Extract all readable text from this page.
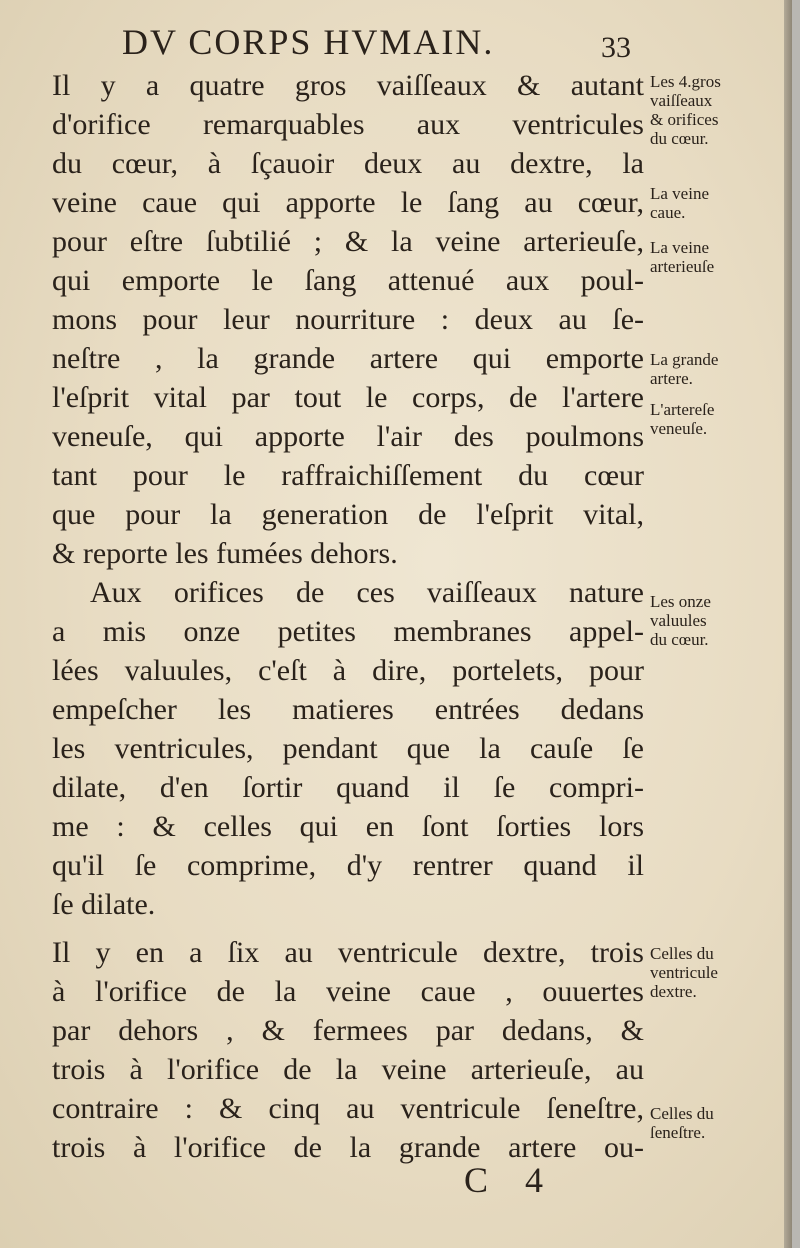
DV CORPS HVMAIN.	33
Il y a quatre gros vaiſſeaux & autant
d'orifice remarquables aux ventricules
du cœur, à ſçauoir deux au dextre, la
veine caue qui apporte le ſang au cœur,
pour eſtre ſubtilié ; & la veine arterieuſe,
qui emporte le ſang attenué aux poul-
mons pour leur nourriture : deux au ſe-
neſtre , la grande artere qui emporte
l'eſprit vital par tout le corps, de l'artere
veneuſe, qui apporte l'air des poulmons
tant pour le raffraichiſſement du cœur
que pour la generation de l'eſprit vital,
& reporte les fumées dehors.
Aux orifices de ces vaiſſeaux nature
a mis onze petites membranes appel-
lées valuules, c'eſt à dire, portelets, pour
empeſcher les matieres entrées dedans
les ventricules, pendant que la cauſe ſe
dilate, d'en ſortir quand il ſe compri-
me : & celles qui en ſont ſorties lors
qu'il ſe comprime, d'y rentrer quand il
ſe dilate.
Il y en a ſix au ventricule dextre, trois
à l'orifice de la veine caue , ouuertes
par dehors , & fermees par dedans, &
trois à l'orifice de la veine arterieuſe, au
contraire : & cinq au ventricule ſeneſtre,
trois à l'orifice de la grande artere ou-
Les 4.gros
vaiſſeaux
& orifices
du cœur.
La veine
caue.
La veine
arterieuſe
La grande
artere.
L'artereſe
veneuſe.
Les onze
valuules
du cœur.
Celles du
ventricule
dextre.
Celles du
ſeneſtre.
C 4
